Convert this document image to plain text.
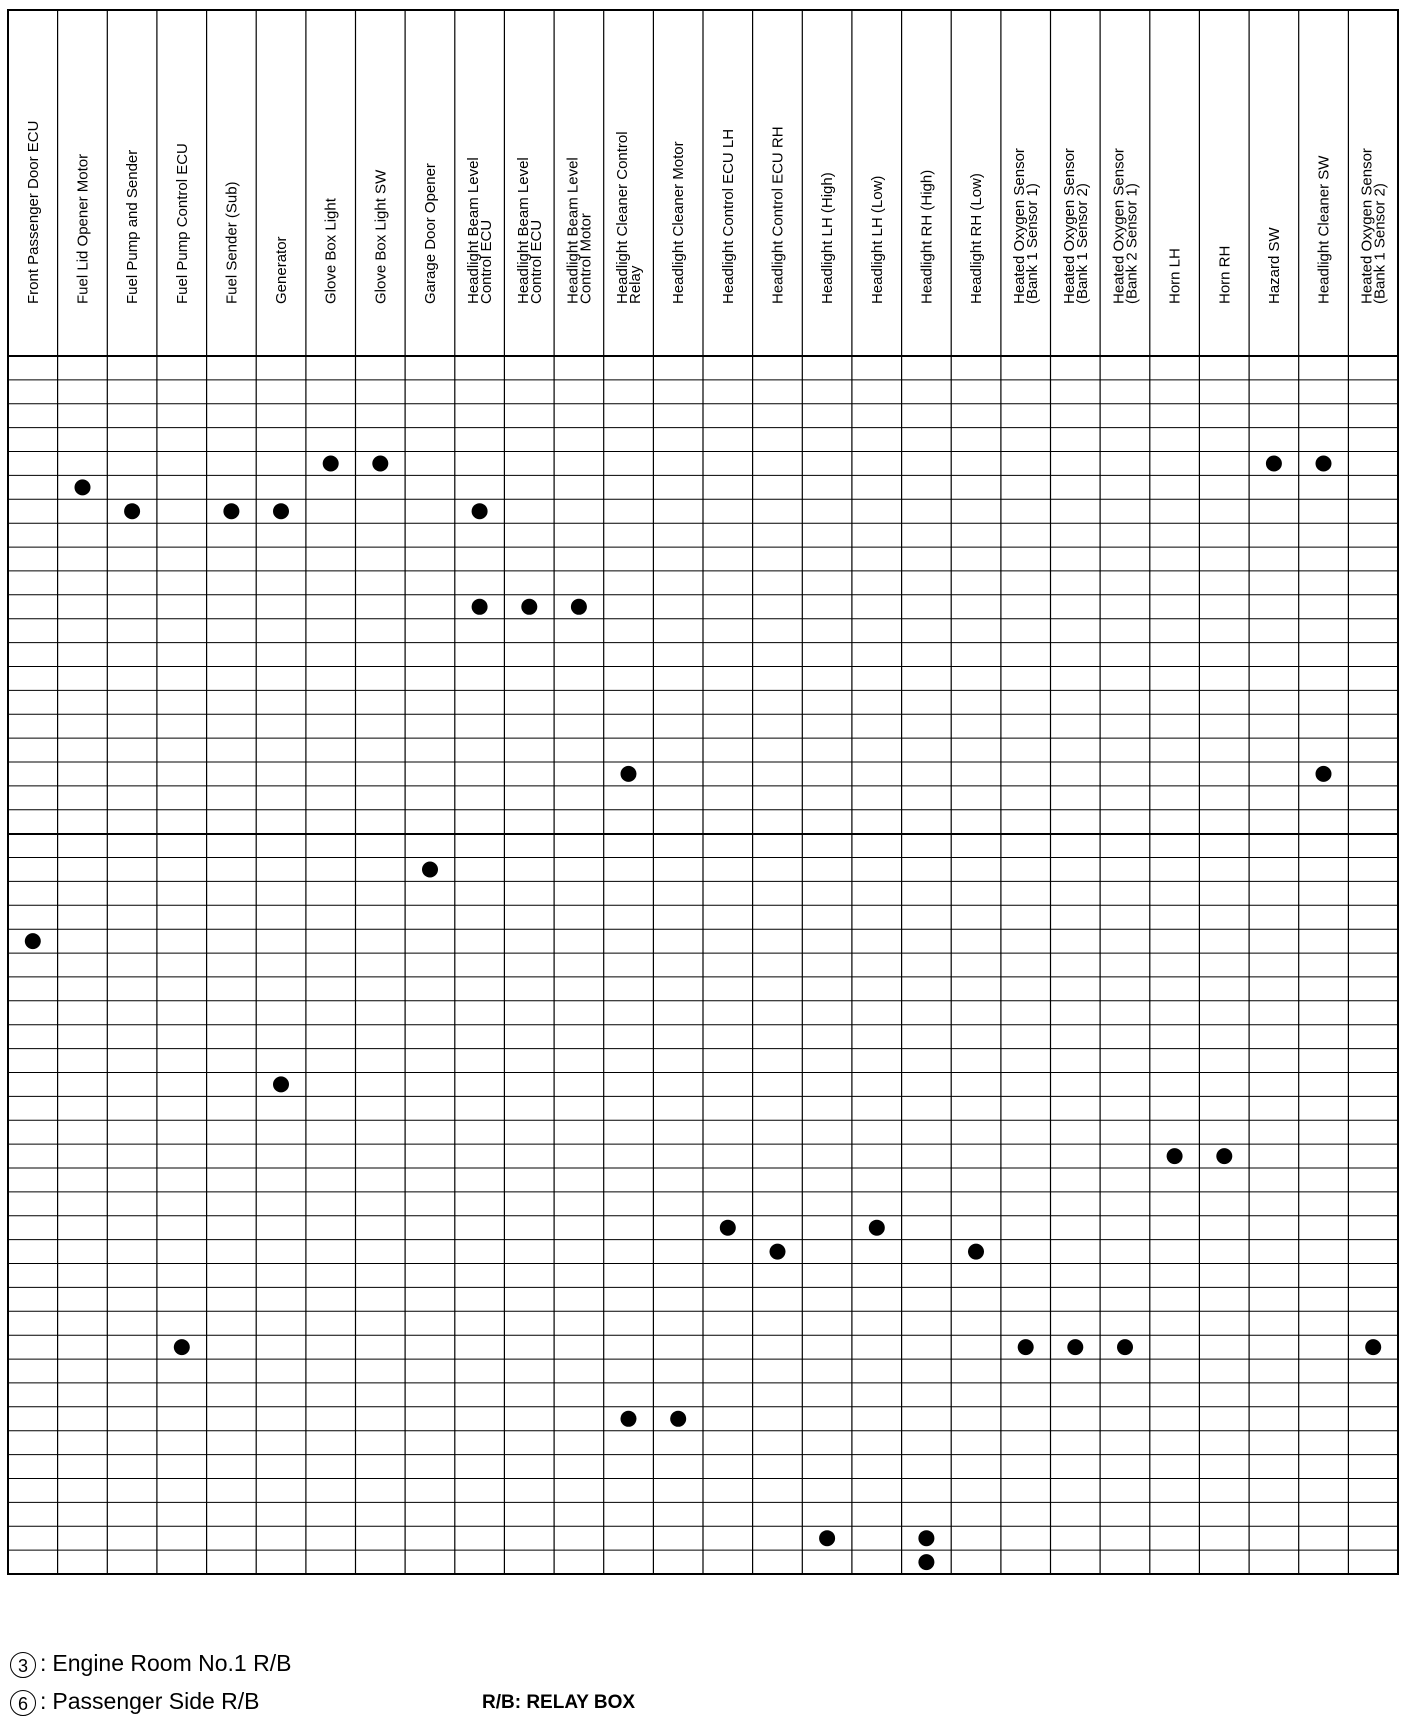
Front Passenger Door ECU Fuel Lid Opener Motor Fuel Pump and Sender Fuel Pump Control ECU Fuel Sender (Sub) Generator Glove Box Light Glove Box Light SW Garage Door Opener Headlight Beam Level
Control ECU Headlight Beam Level
Control ECU Headlight Beam Level
Control Motor Headlight Cleaner Control
Relay Headlight Cleaner Motor Headlight Control ECU LH Headlight Control ECU RH Headlight LH (High) Headlight LH (Low) Headlight RH (High) Headlight RH (Low) Heated Oxygen Sensor
(Bank 1 Sensor 1) Heated Oxygen Sensor
(Bank 1 Sensor 2) Heated Oxygen Sensor
(Bank 2 Sensor 1) Horn LH Horn RH Hazard SW Headlight Cleaner SW Heated Oxygen Sensor
(Bank 1 Sensor 2)
3 : Engine Room No.1 R/B
6 : Passenger Side R/B	R/B: RELAY BOX
